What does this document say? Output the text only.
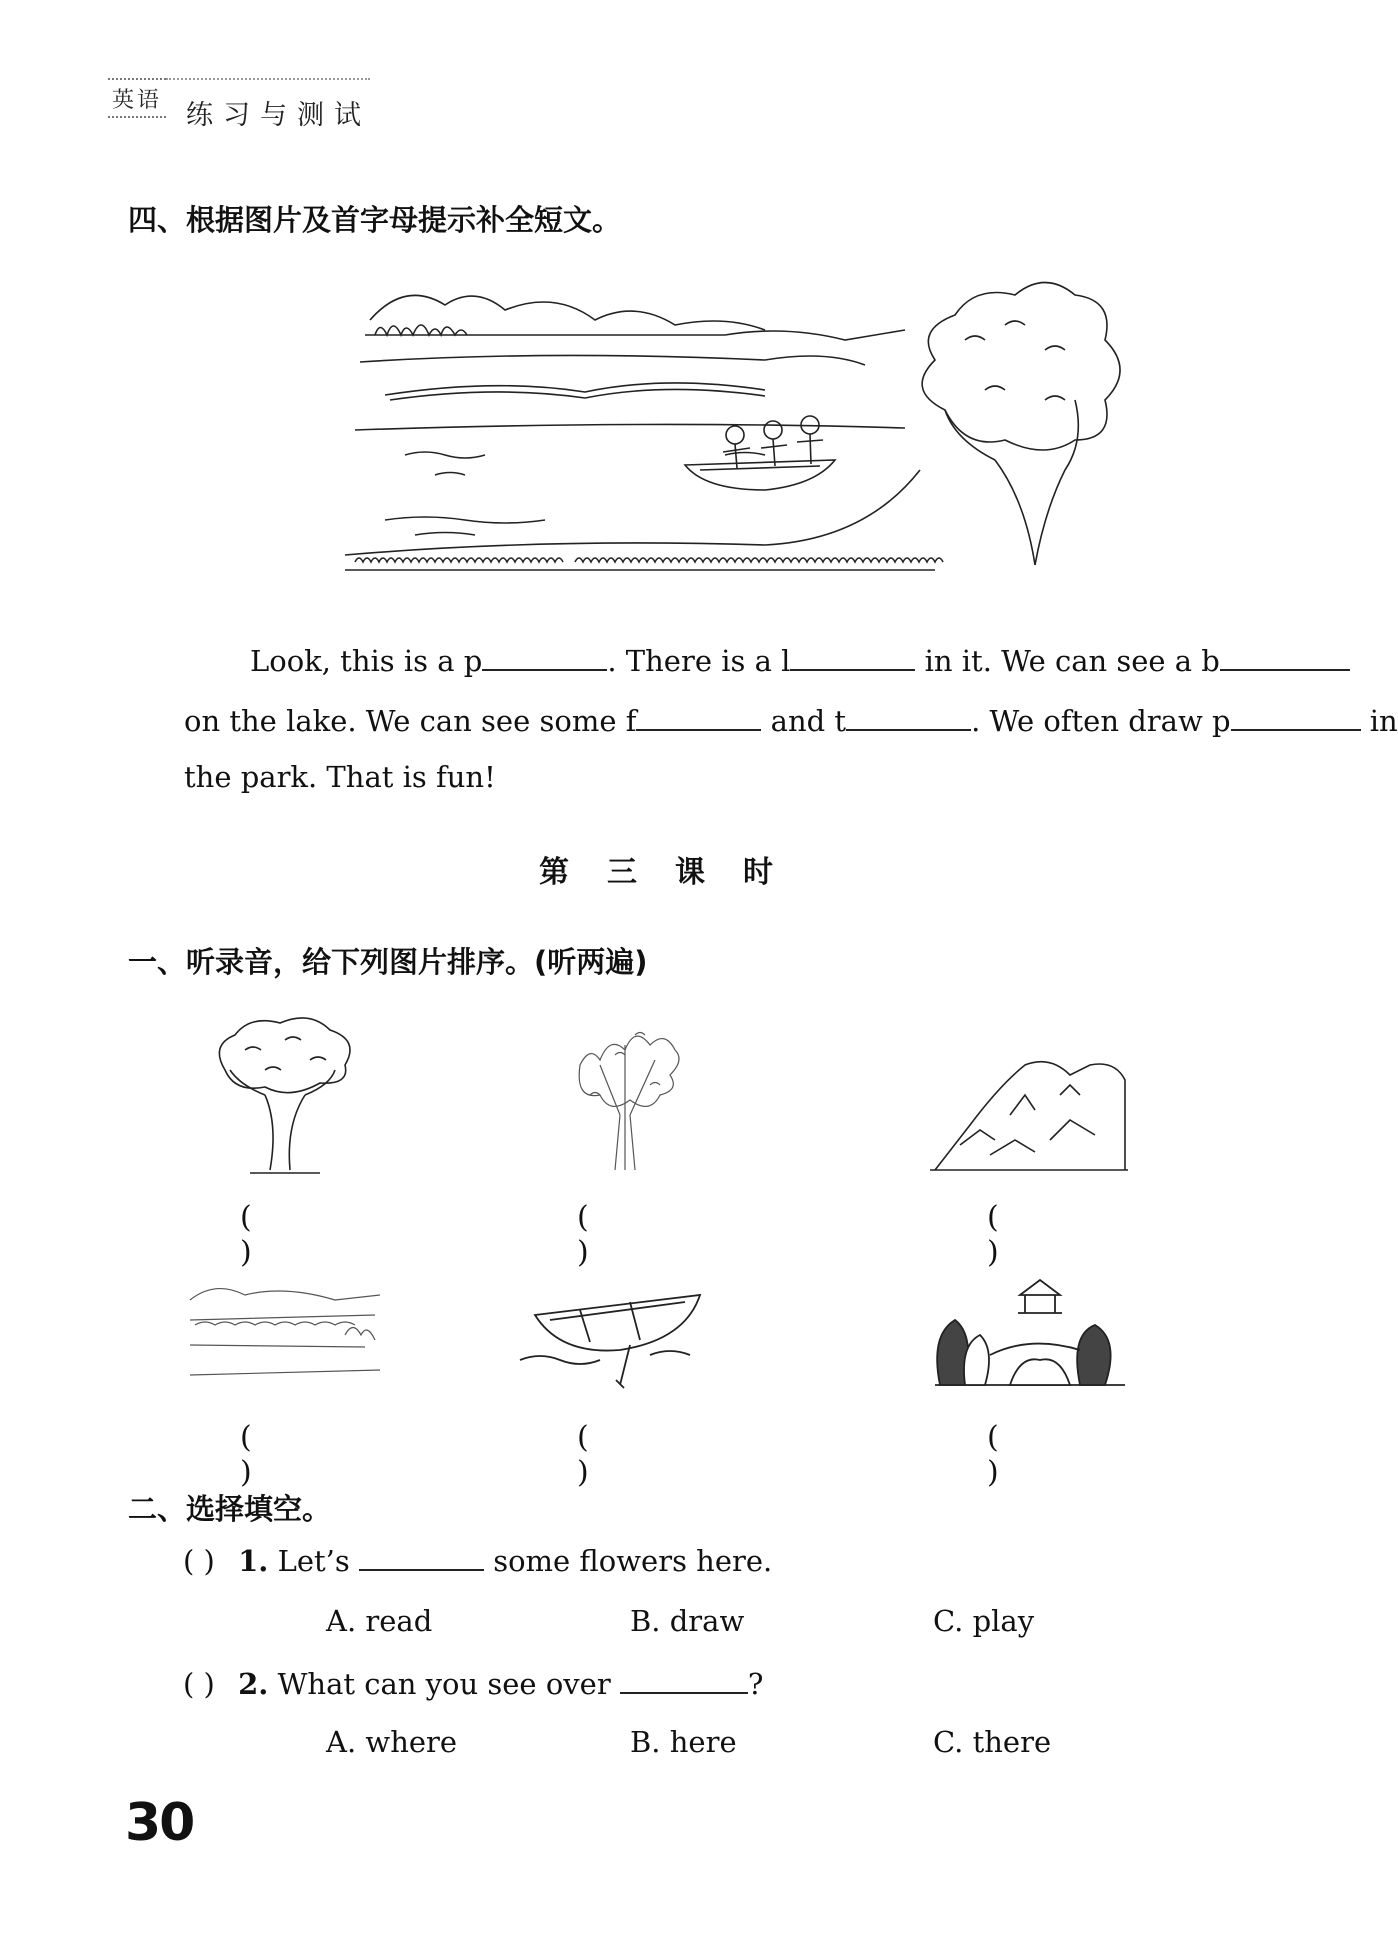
英语 练习与测试
四、根据图片及首字母提示补全短文。
Look, this is a p	. There is a l	in it. We can see a b
on the lake. We can see some f	and t	. We often draw p	in
the park. That is fun!
第三课时
一、听录音，给下列图片排序。(听两遍)
( )
( )
( )
( )
( )
( )
二、选择填空。
( ) 1. Let’s	some flowers here.
A. read	B. draw	C. play
( ) 2. What can you see over	?
A. where	B. here	C. there
30
